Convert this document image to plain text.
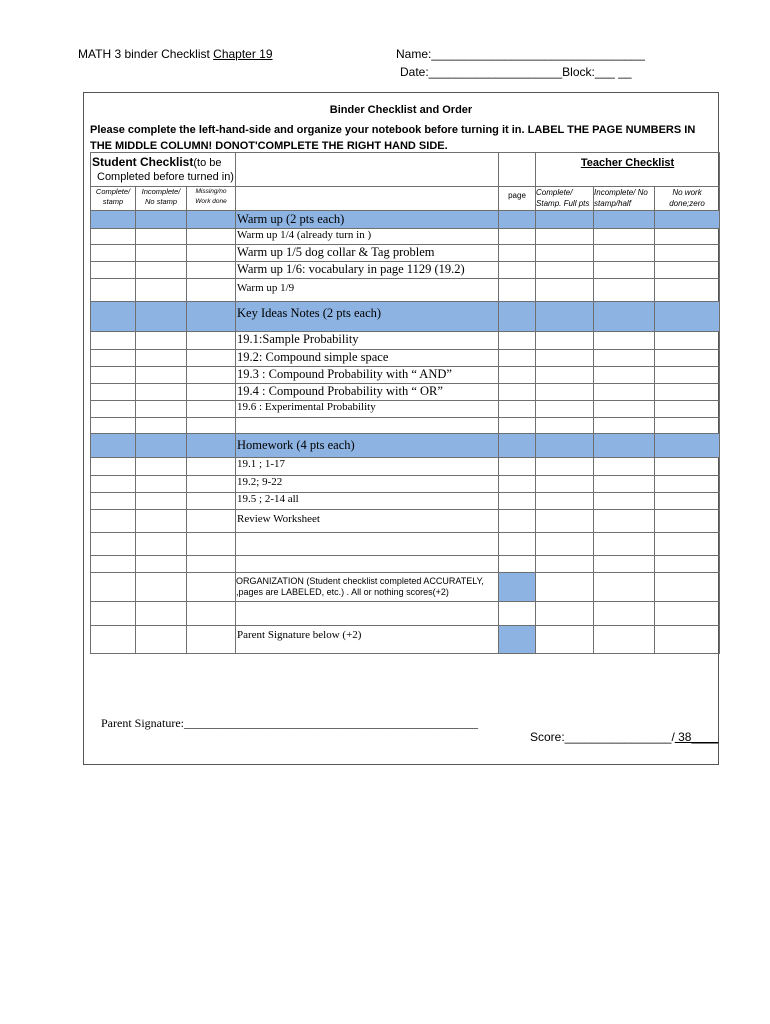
MATH 3 binder Checklist Chapter 19	Name:________________________________
Date:____________________Block:___ __
Binder Checklist and Order
Please complete the left-hand-side and organize your notebook before turning it in. LABEL THE PAGE NUMBERS IN THE MIDDLE COLUMN! DONOT'COMPLETE THE RIGHT HAND SIDE.
Student Checklist(to be
Completed before turned in)					Teacher Checklist		
Complete/ stamp	Incomplete/ No stamp	Missing/no Work done		page	Complete/ Stamp. Full pts	Incomplete/ No stamp/half	No work done;zero
			Warm up (2 pts each)				
			Warm up 1/4 (already turn in )				
			Warm up 1/5 dog collar & Tag problem				
			Warm up 1/6: vocabulary in page 1129 (19.2)				
			Warm up 1/9				
			Key Ideas Notes (2 pts each)				
			19.1:Sample Probability				
			19.2: Compound simple space				
			19.3 : Compound Probability with “ AND”				
			19.4 : Compound Probability with “ OR”				
			19.6 : Experimental Probability				

			Homework (4 pts each)				
			19.1 ; 1-17				
			19.2; 9-22				
			19.5 ; 2-14 all				
			Review Worksheet				

			ORGANIZATION (Student checklist completed ACCURATELY, ,pages are LABELED, etc.) . All or nothing scores(+2)				

			Parent Signature below (+2)				
Parent Signature:_________________________________________________
Score:________________/ 38____
